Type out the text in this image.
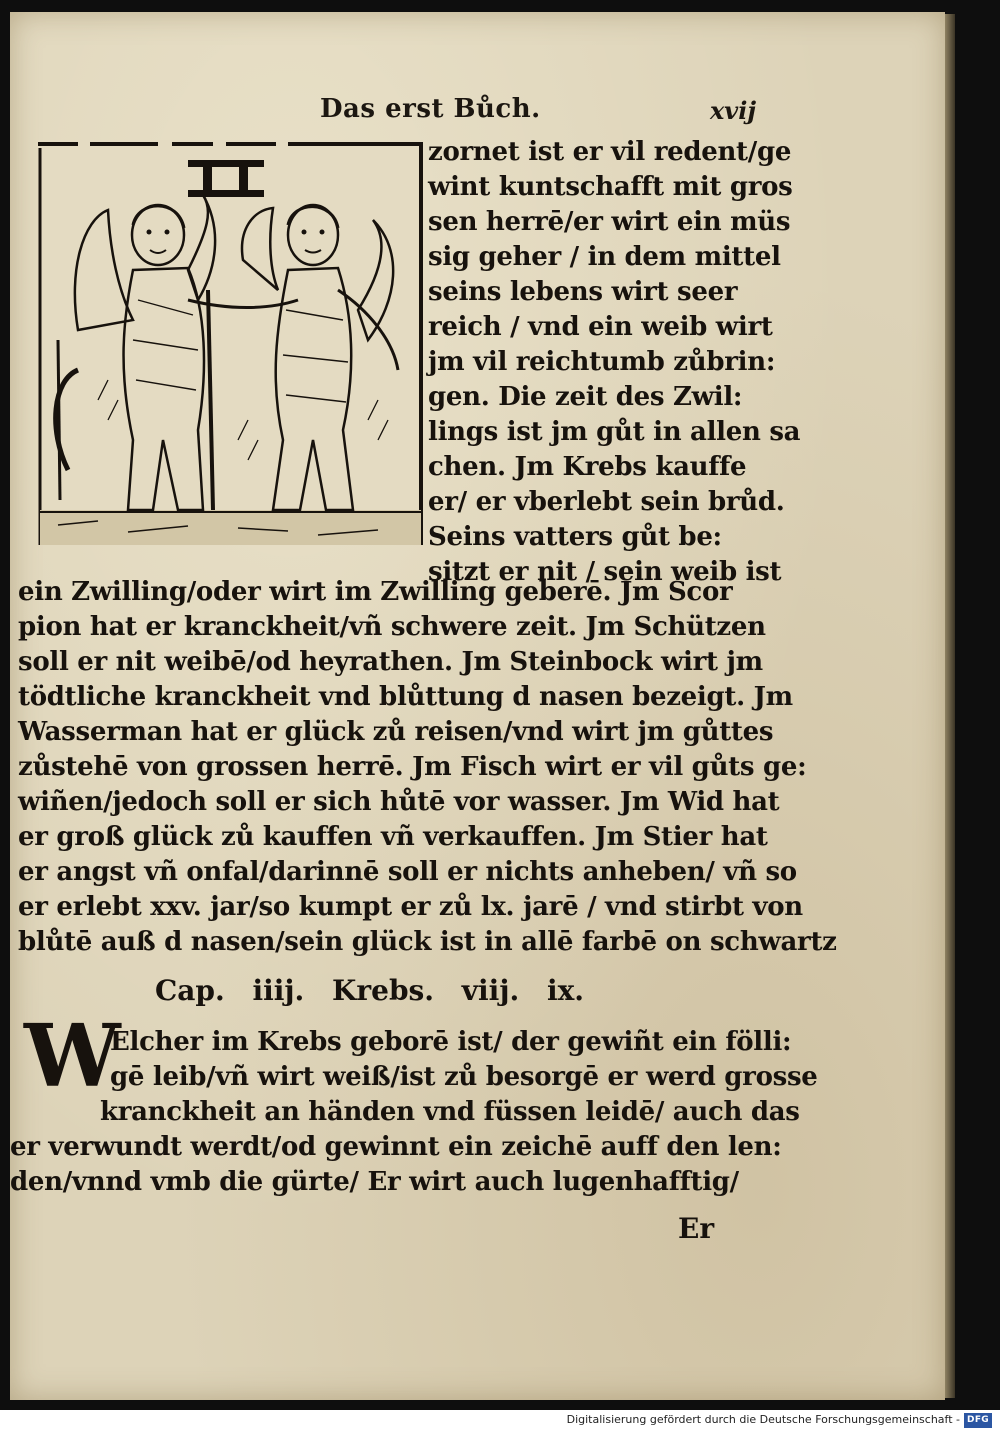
Das erst Bůch.	xvij
zornet ist er vil redent/ge
wint kuntschafft mit gros
sen herrē/er wirt ein müs
sig geher / in dem mittel
seins lebens wirt seer
reich / vnd ein weib wirt
jm vil reichtumb zůbrin:
gen. Die zeit des Zwil:
lings ist jm gůt in allen sa
chen. Jm Krebs kauffe
er/ er vberlebt sein brůd.
Seins vatters gůt be:
sitzt er nit / sein weib ist
ein Zwilling/oder wirt im Zwilling geberē. Jm Scor
pion hat er kranckheit/vñ schwere zeit. Jm Schützen
soll er nit weibē/od heyrathen. Jm Steinbock wirt jm
tödtliche kranckheit vnd blůttung d nasen bezeigt. Jm
Wasserman hat er glück zů reisen/vnd wirt jm gůttes
zůstehē von grossen herrē. Jm Fisch wirt er vil gůts ge:
wiñen/jedoch soll er sich hůtē vor wasser. Jm Wid hat
er groß glück zů kauffen vñ verkauffen. Jm Stier hat
er angst vñ onfal/darinnē soll er nichts anheben/ vñ so
er erlebt xxv. jar/so kumpt er zů lx. jarē / vnd stirbt von
blůtē auß d nasen/sein glück ist in allē farbē on schwartz
Cap. iiij. Krebs. viij. ix.
W
Elcher im Krebs geborē ist/ der gewiñt ein fölli:
gē leib/vñ wirt weiß/ist zů besorgē er werd grosse
kranckheit an händen vnd füssen leidē/ auch das
er verwundt werdt/od gewinnt ein zeichē auff den len:
den/vnnd vmb die gürte/ Er wirt auch lugenhafftig/
Er
Digitalisierung gefördert durch die Deutsche Forschungsgemeinschaft - DFG
